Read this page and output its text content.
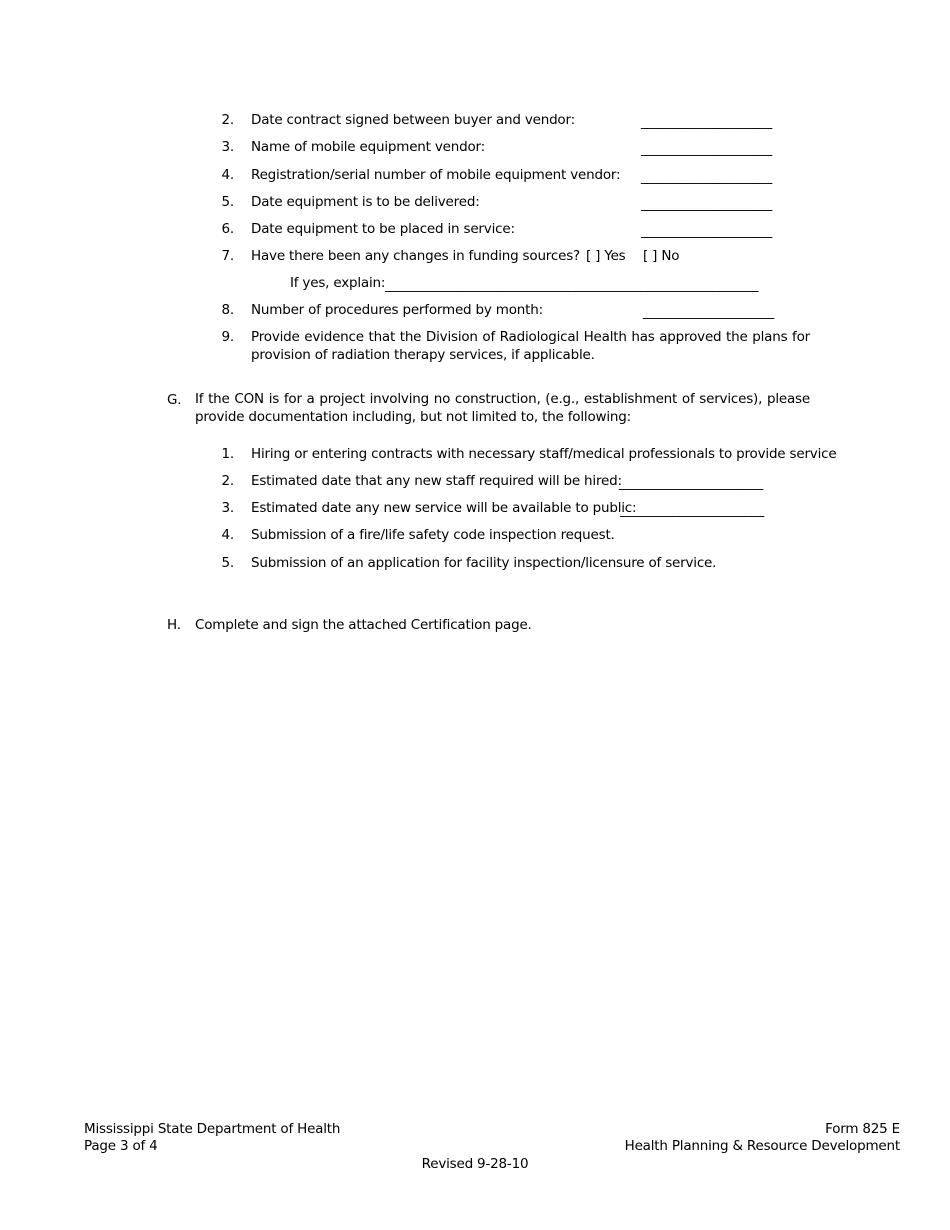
2. Date contract signed between buyer and vendor:	____________________
3. Name of mobile equipment vendor:	____________________
4. Registration/serial number of mobile equipment vendor: ____________________
5. Date equipment is to be delivered:	____________________
6. Date equipment to be placed in service:	____________________
7. Have there been any changes in funding sources? [ ] Yes [ ] No
If yes, explain: _________________________________________________________
8. Number of procedures performed by month:	____________________
9. Provide evidence that the Division of Radiological Health has approved the plans for provision of radiation therapy services, if applicable.
G. If the CON is for a project involving no construction, (e.g., establishment of services), please provide documentation including, but not limited to, the following:
1. Hiring or entering contracts with necessary staff/medical professionals to provide service
2. Estimated date that any new staff required will be hired:
______________________
3. Estimated date any new service will be available to public:
______________________
4. Submission of a fire/life safety code inspection request.
5. Submission of an application for facility inspection/licensure of service.
H. Complete and sign the attached Certification page.
Mississippi State Department of Health
Page 3 of 4
Form 825 E
Health Planning & Resource Development
Revised 9-28-10
